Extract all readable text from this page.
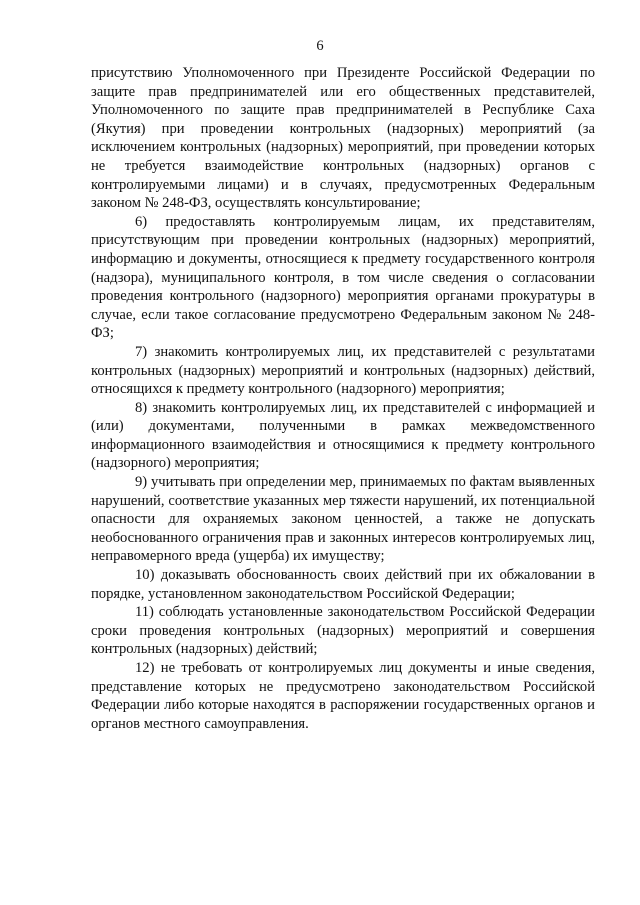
6

присутствию Уполномоченного при Президенте Российской Федерации по защите прав предпринимателей или его общественных представителей, Уполномоченного по защите прав предпринимателей в Республике Саха (Якутия) при проведении контрольных (надзорных) мероприятий (за исключением контрольных (надзорных) мероприятий, при проведении которых не требуется взаимодействие контрольных (надзорных) органов с контролируемыми лицами) и в случаях, предусмотренных Федеральным законом № 248-ФЗ, осуществлять консультирование;

6) предоставлять контролируемым лицам, их представителям, присутствующим при проведении контрольных (надзорных) мероприятий, информацию и документы, относящиеся к предмету государственного контроля (надзора), муниципального контроля, в том числе сведения о согласовании проведения контрольного (надзорного) мероприятия органами прокуратуры в случае, если такое согласование предусмотрено Федеральным законом № 248-ФЗ;

7) знакомить контролируемых лиц, их представителей с результатами контрольных (надзорных) мероприятий и контрольных (надзорных) действий, относящихся к предмету контрольного (надзорного) мероприятия;

8) знакомить контролируемых лиц, их представителей с информацией и (или) документами, полученными в рамках межведомственного информационного взаимодействия и относящимися к предмету контрольного (надзорного) мероприятия;

9) учитывать при определении мер, принимаемых по фактам выявленных нарушений, соответствие указанных мер тяжести нарушений, их потенциальной опасности для охраняемых законом ценностей, а также не допускать необоснованного ограничения прав и законных интересов контролируемых лиц, неправомерного вреда (ущерба) их имуществу;

10) доказывать обоснованность своих действий при их обжаловании в порядке, установленном законодательством Российской Федерации;

11) соблюдать установленные законодательством Российской Федерации сроки проведения контрольных (надзорных) мероприятий и совершения контрольных (надзорных) действий;

12) не требовать от контролируемых лиц документы и иные сведения, представление которых не предусмотрено законодательством Российской Федерации либо которые находятся в распоряжении государственных органов и органов местного самоуправления.
